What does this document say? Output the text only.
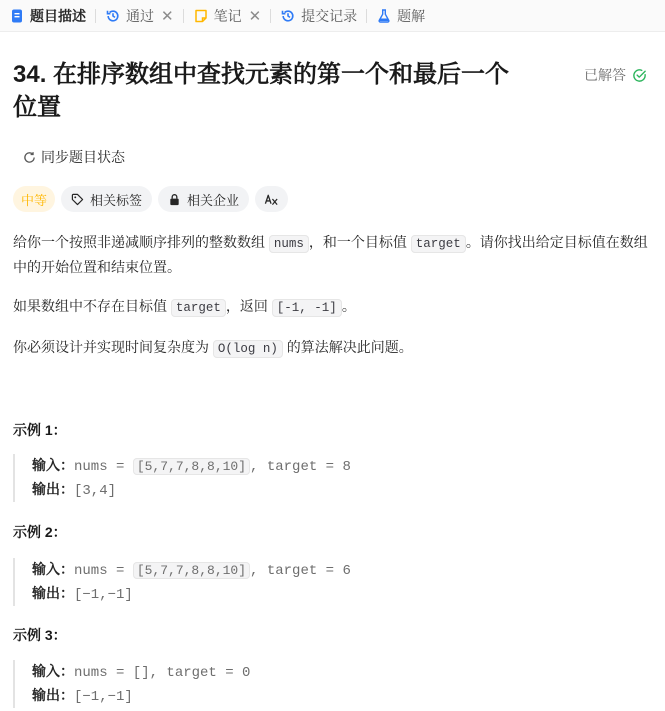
题目描述	通过 ✕	笔记 ✕	提交记录	题解
34. 在排序数组中查找元素的第一个和最后一个
位置
已解答
同步题目状态
中等	相关标签	相关企业
给你一个按照非递减顺序排列的整数数组 nums ，和一个目标值 target 。请你找出给定目标值在数组中的开始位置和结束位置。
如果数组中不存在目标值 target ，返回 [-1, -1] 。
你必须设计并实现时间复杂度为 O(log n) 的算法解决此问题。
示例 1：
输入：nums = [5,7,7,8,8,10] , target = 8
输出：[3,4]
示例 2：
输入：nums = [5,7,7,8,8,10] , target = 6
输出：[−1,−1]
示例 3：
输入：nums = [], target = 0
输出：[−1,−1]
